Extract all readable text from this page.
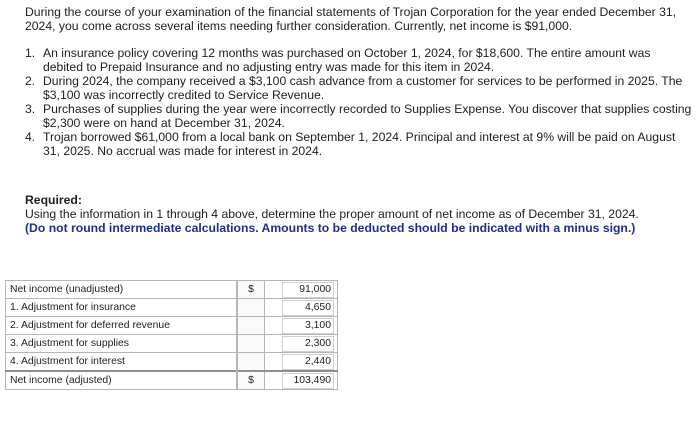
During the course of your examination of the financial statements of Trojan Corporation for the year ended December 31, 2024, you come across several items needing further consideration. Currently, net income is $91,000.

1. An insurance policy covering 12 months was purchased on October 1, 2024, for $18,600. The entire amount was debited to Prepaid Insurance and no adjusting entry was made for this item in 2024.
2. During 2024, the company received a $3,100 cash advance from a customer for services to be performed in 2025. The $3,100 was incorrectly credited to Service Revenue.
3. Purchases of supplies during the year were incorrectly recorded to Supplies Expense. You discover that supplies costing $2,300 were on hand at December 31, 2024.
4. Trojan borrowed $61,000 from a local bank on September 1, 2024. Principal and interest at 9% will be paid on August 31, 2025. No accrual was made for interest in 2024.
Required:
Using the information in 1 through 4 above, determine the proper amount of net income as of December 31, 2024.
(Do not round intermediate calculations. Amounts to be deducted should be indicated with a minus sign.)
Net income (unadjusted)	$	91,000
1. Adjustment for insurance		4,650
2. Adjustment for deferred revenue		3,100
3. Adjustment for supplies		2,300
4. Adjustment for interest		2,440
Net income (adjusted)	$	103,490
